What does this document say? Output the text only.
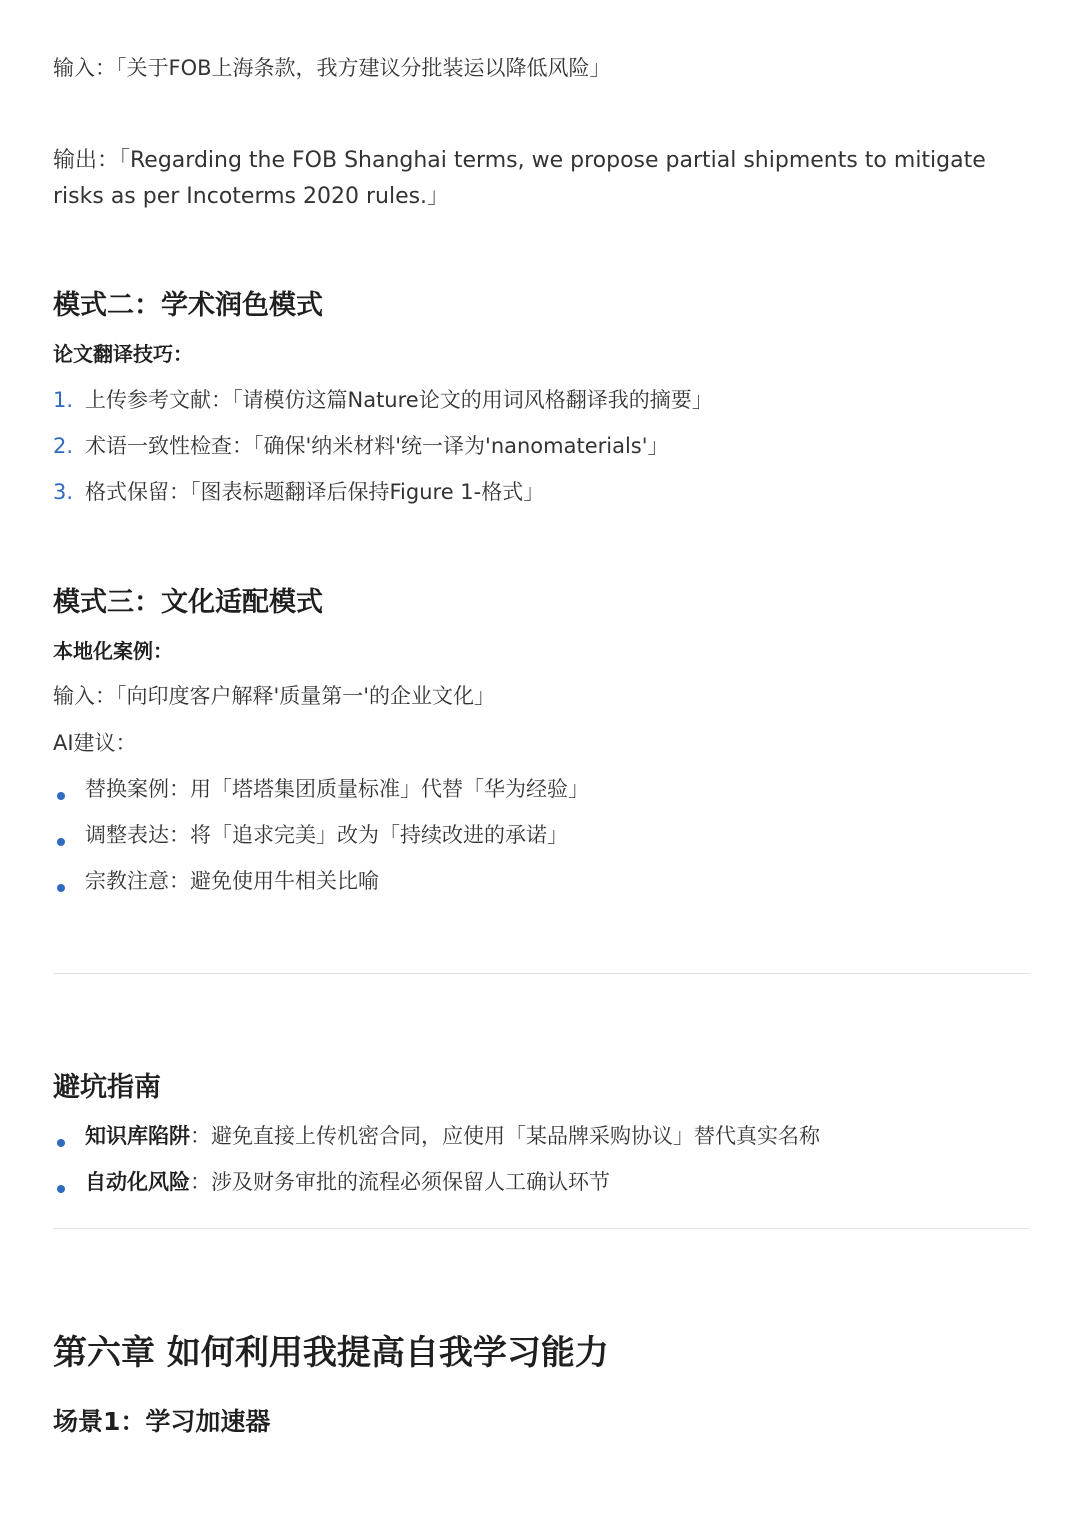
输入：「关于FOB上海条款，我方建议分批装运以降低风险」
输出：「Regarding the FOB Shanghai terms, we propose partial shipments to mitigate risks as per Incoterms 2020 rules.」
模式二：学术润色模式
论文翻译技巧：
1. 上传参考文献：「请模仿这篇Nature论文的用词风格翻译我的摘要」
2. 术语一致性检查：「确保'纳米材料'统一译为'nanomaterials'」
3. 格式保留：「图表标题翻译后保持Figure 1-格式」
模式三：文化适配模式
本地化案例：
输入：「向印度客户解释'质量第一'的企业文化」
AI建议：
替换案例：用「塔塔集团质量标准」代替「华为经验」
调整表达：将「追求完美」改为「持续改进的承诺」
宗教注意：避免使用牛相关比喻
避坑指南
知识库陷阱：避免直接上传机密合同，应使用「某品牌采购协议」替代真实名称
自动化风险：涉及财务审批的流程必须保留人工确认环节
第六章 如何利用我提高自我学习能力
场景1：学习加速器
